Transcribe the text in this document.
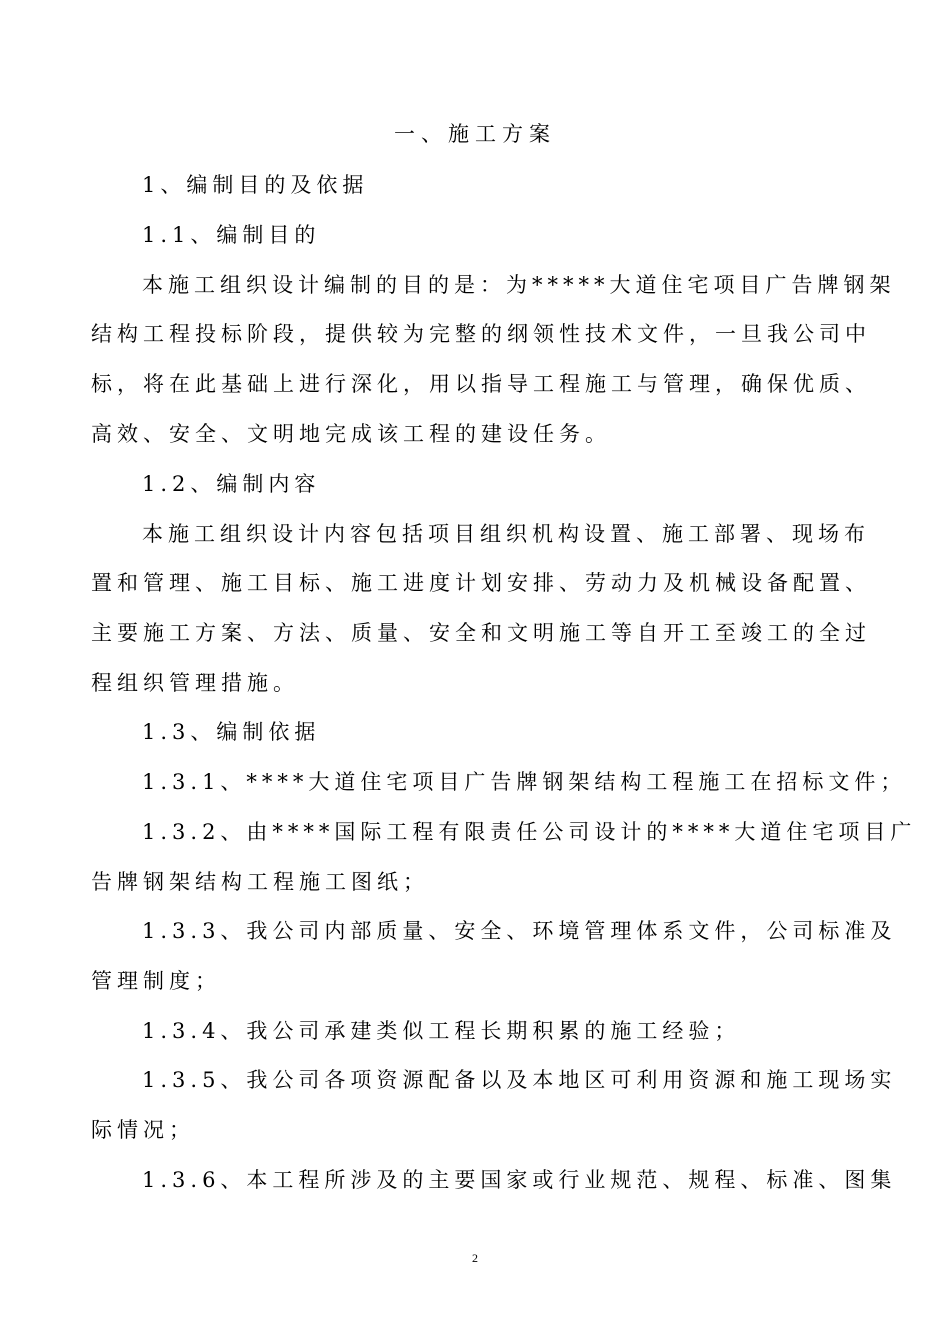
一、施工方案
1、编制目的及依据
1.1、编制目的
本施工组织设计编制的目的是：为*****大道住宅项目广告牌钢架
结构工程投标阶段，提供较为完整的纲领性技术文件，一旦我公司中
标，将在此基础上进行深化，用以指导工程施工与管理，确保优质、
高效、安全、文明地完成该工程的建设任务。
1.2、编制内容
本施工组织设计内容包括项目组织机构设置、施工部署、现场布
置和管理、施工目标、施工进度计划安排、劳动力及机械设备配置、
主要施工方案、方法、质量、安全和文明施工等自开工至竣工的全过
程组织管理措施。
1.3、编制依据
1.3.1、****大道住宅项目广告牌钢架结构工程施工在招标文件；
1.3.2、由****国际工程有限责任公司设计的****大道住宅项目广
告牌钢架结构工程施工图纸；
1.3.3、我公司内部质量、安全、环境管理体系文件，公司标准及
管理制度；
1.3.4、我公司承建类似工程长期积累的施工经验；
1.3.5、我公司各项资源配备以及本地区可利用资源和施工现场实
际情况；
1.3.6、本工程所涉及的主要国家或行业规范、规程、标准、图集
2
